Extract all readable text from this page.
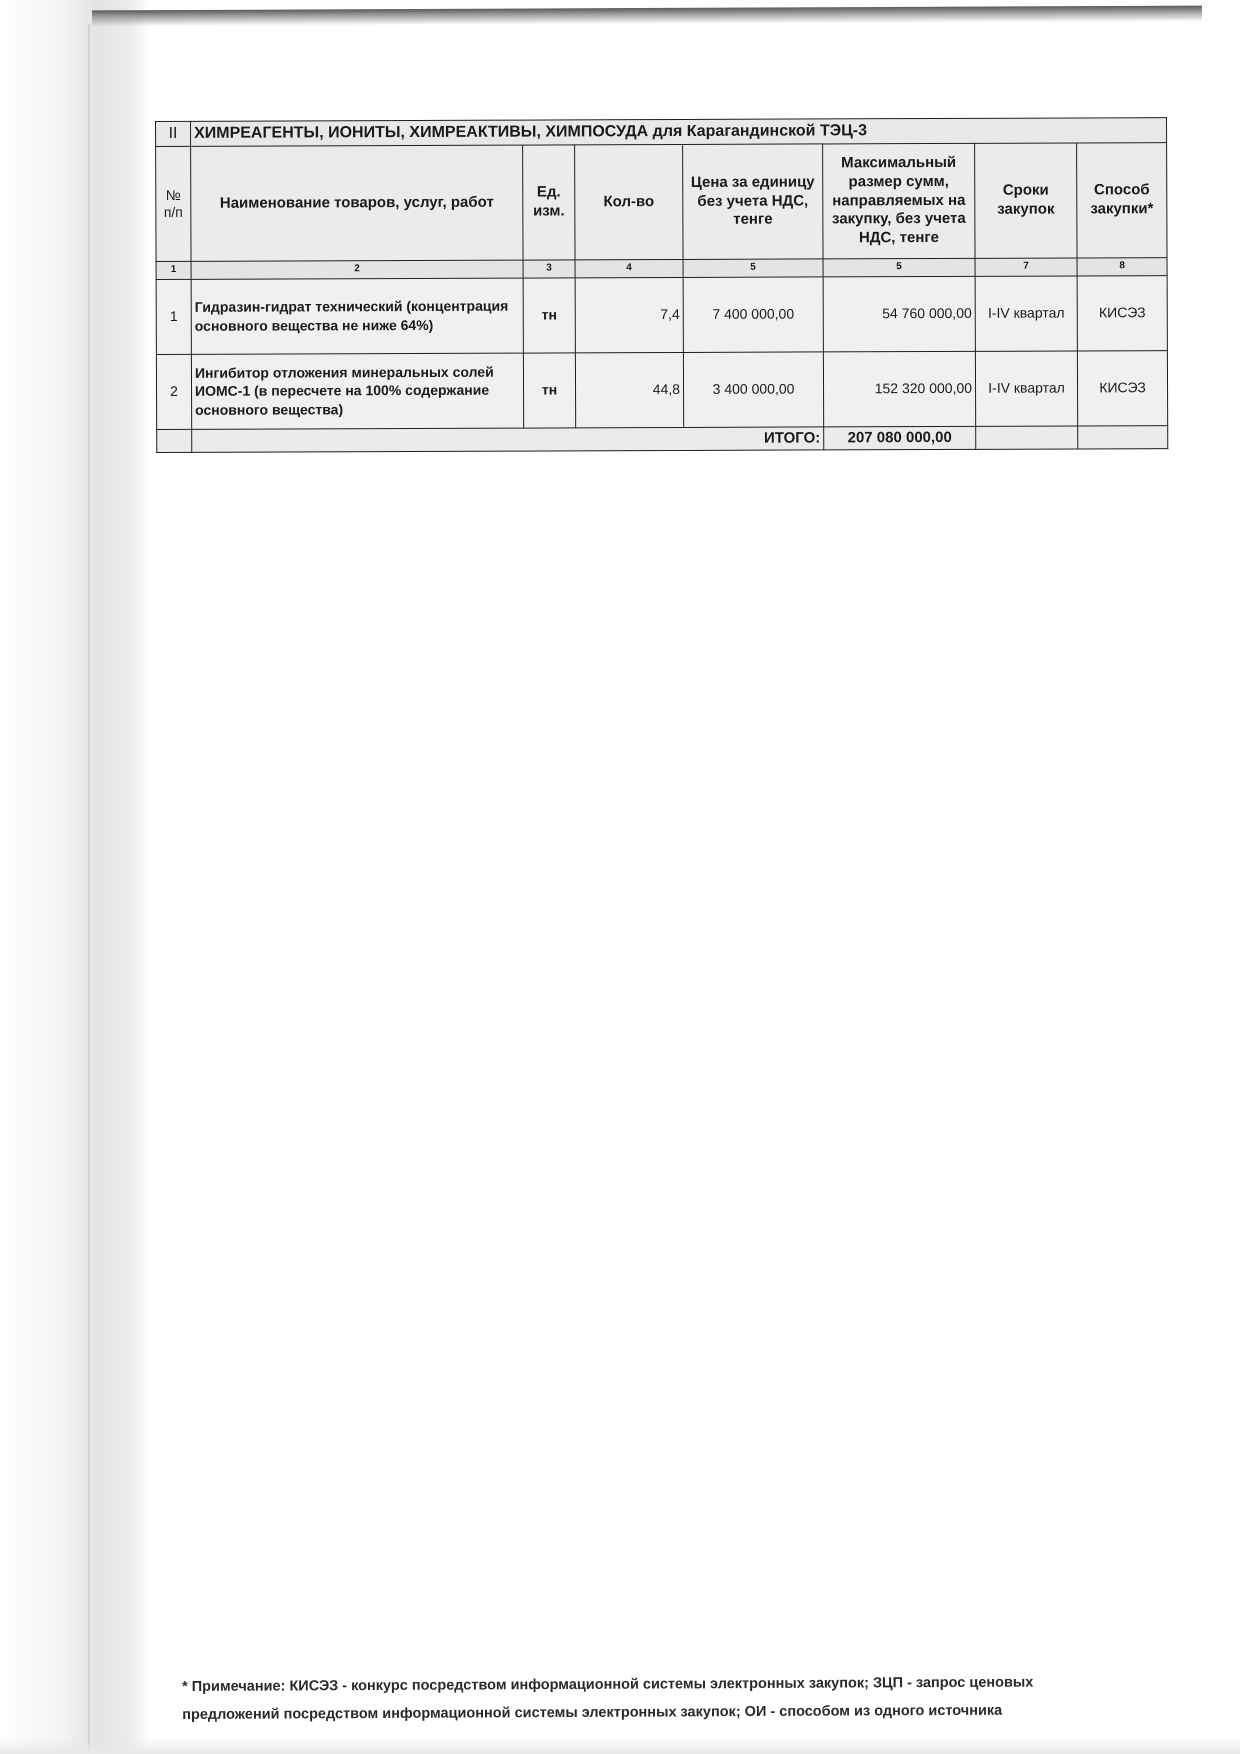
II	ХИМРЕАГЕНТЫ, ИОНИТЫ, ХИМРЕАКТИВЫ, ХИМПОСУДА для Карагандинской ТЭЦ-3						
№ п/п	Наименование товаров, услуг, работ	Ед. изм.	Кол-во	Цена за единицу без учета НДС, тенге	Максимальный размер сумм, направляемых на закупку, без учета НДС, тенге	Сроки закупок	Способ закупки*
1	2	3	4	5	5	7	8
1	Гидразин-гидрат технический (концентрация основного вещества не ниже 64%)	тн	7,4	7 400 000,00	54 760 000,00	I-IV квартал	КИСЭЗ
2	Ингибитор отложения минеральных солей ИОМС-1 (в пересчете на 100% содержание основного вещества)	тн	44,8	3 400 000,00	152 320 000,00	I-IV квартал	КИСЭЗ
	ИТОГО:				207 080 000,00		
* Примечание: КИСЭЗ - конкурс посредством информационной системы электронных закупок; ЗЦП - запрос ценовых
предложений посредством информационной системы электронных закупок; ОИ - способом из одного источника
